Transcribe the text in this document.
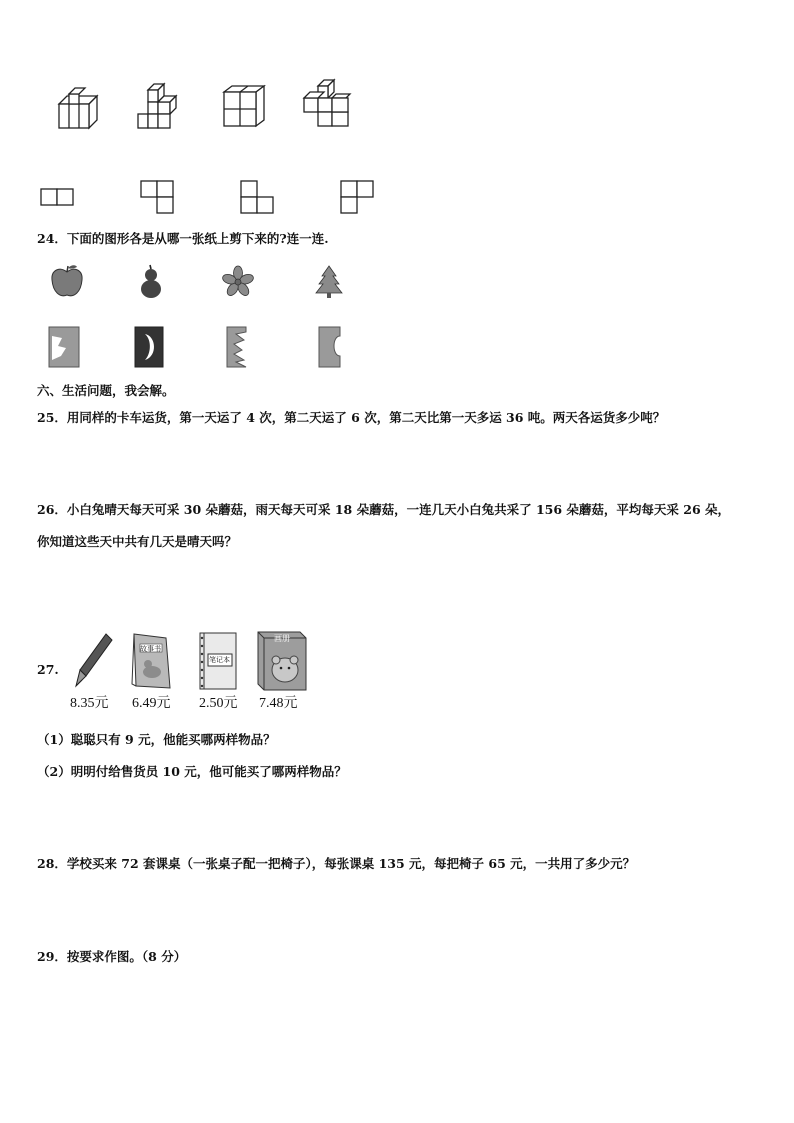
24．下面的图形各是从哪一张纸上剪下来的?连一连.
六、生活问题，我会解。
25．用同样的卡车运货，第一天运了 4 次，第二天运了 6 次，第二天比第一天多运 36 吨。两天各运货多少吨？
26．小白兔晴天每天可采 30 朵蘑菇，雨天每天可采 18 朵蘑菇，一连几天小白兔共采了 156 朵蘑菇，平均每天采 26 朵，
你知道这些天中共有几天是晴天吗？
27.
故事书
笔记本
画册
8.35元 6.49元 2.50元 7.48元
（1）聪聪只有 9 元，他能买哪两样物品？
（2）明明付给售货员 10 元，他可能买了哪两样物品？
28．学校买来 72 套课桌（一张桌子配一把椅子），每张课桌 135 元，每把椅子 65 元，一共用了多少元？
29．按要求作图。（8 分）
